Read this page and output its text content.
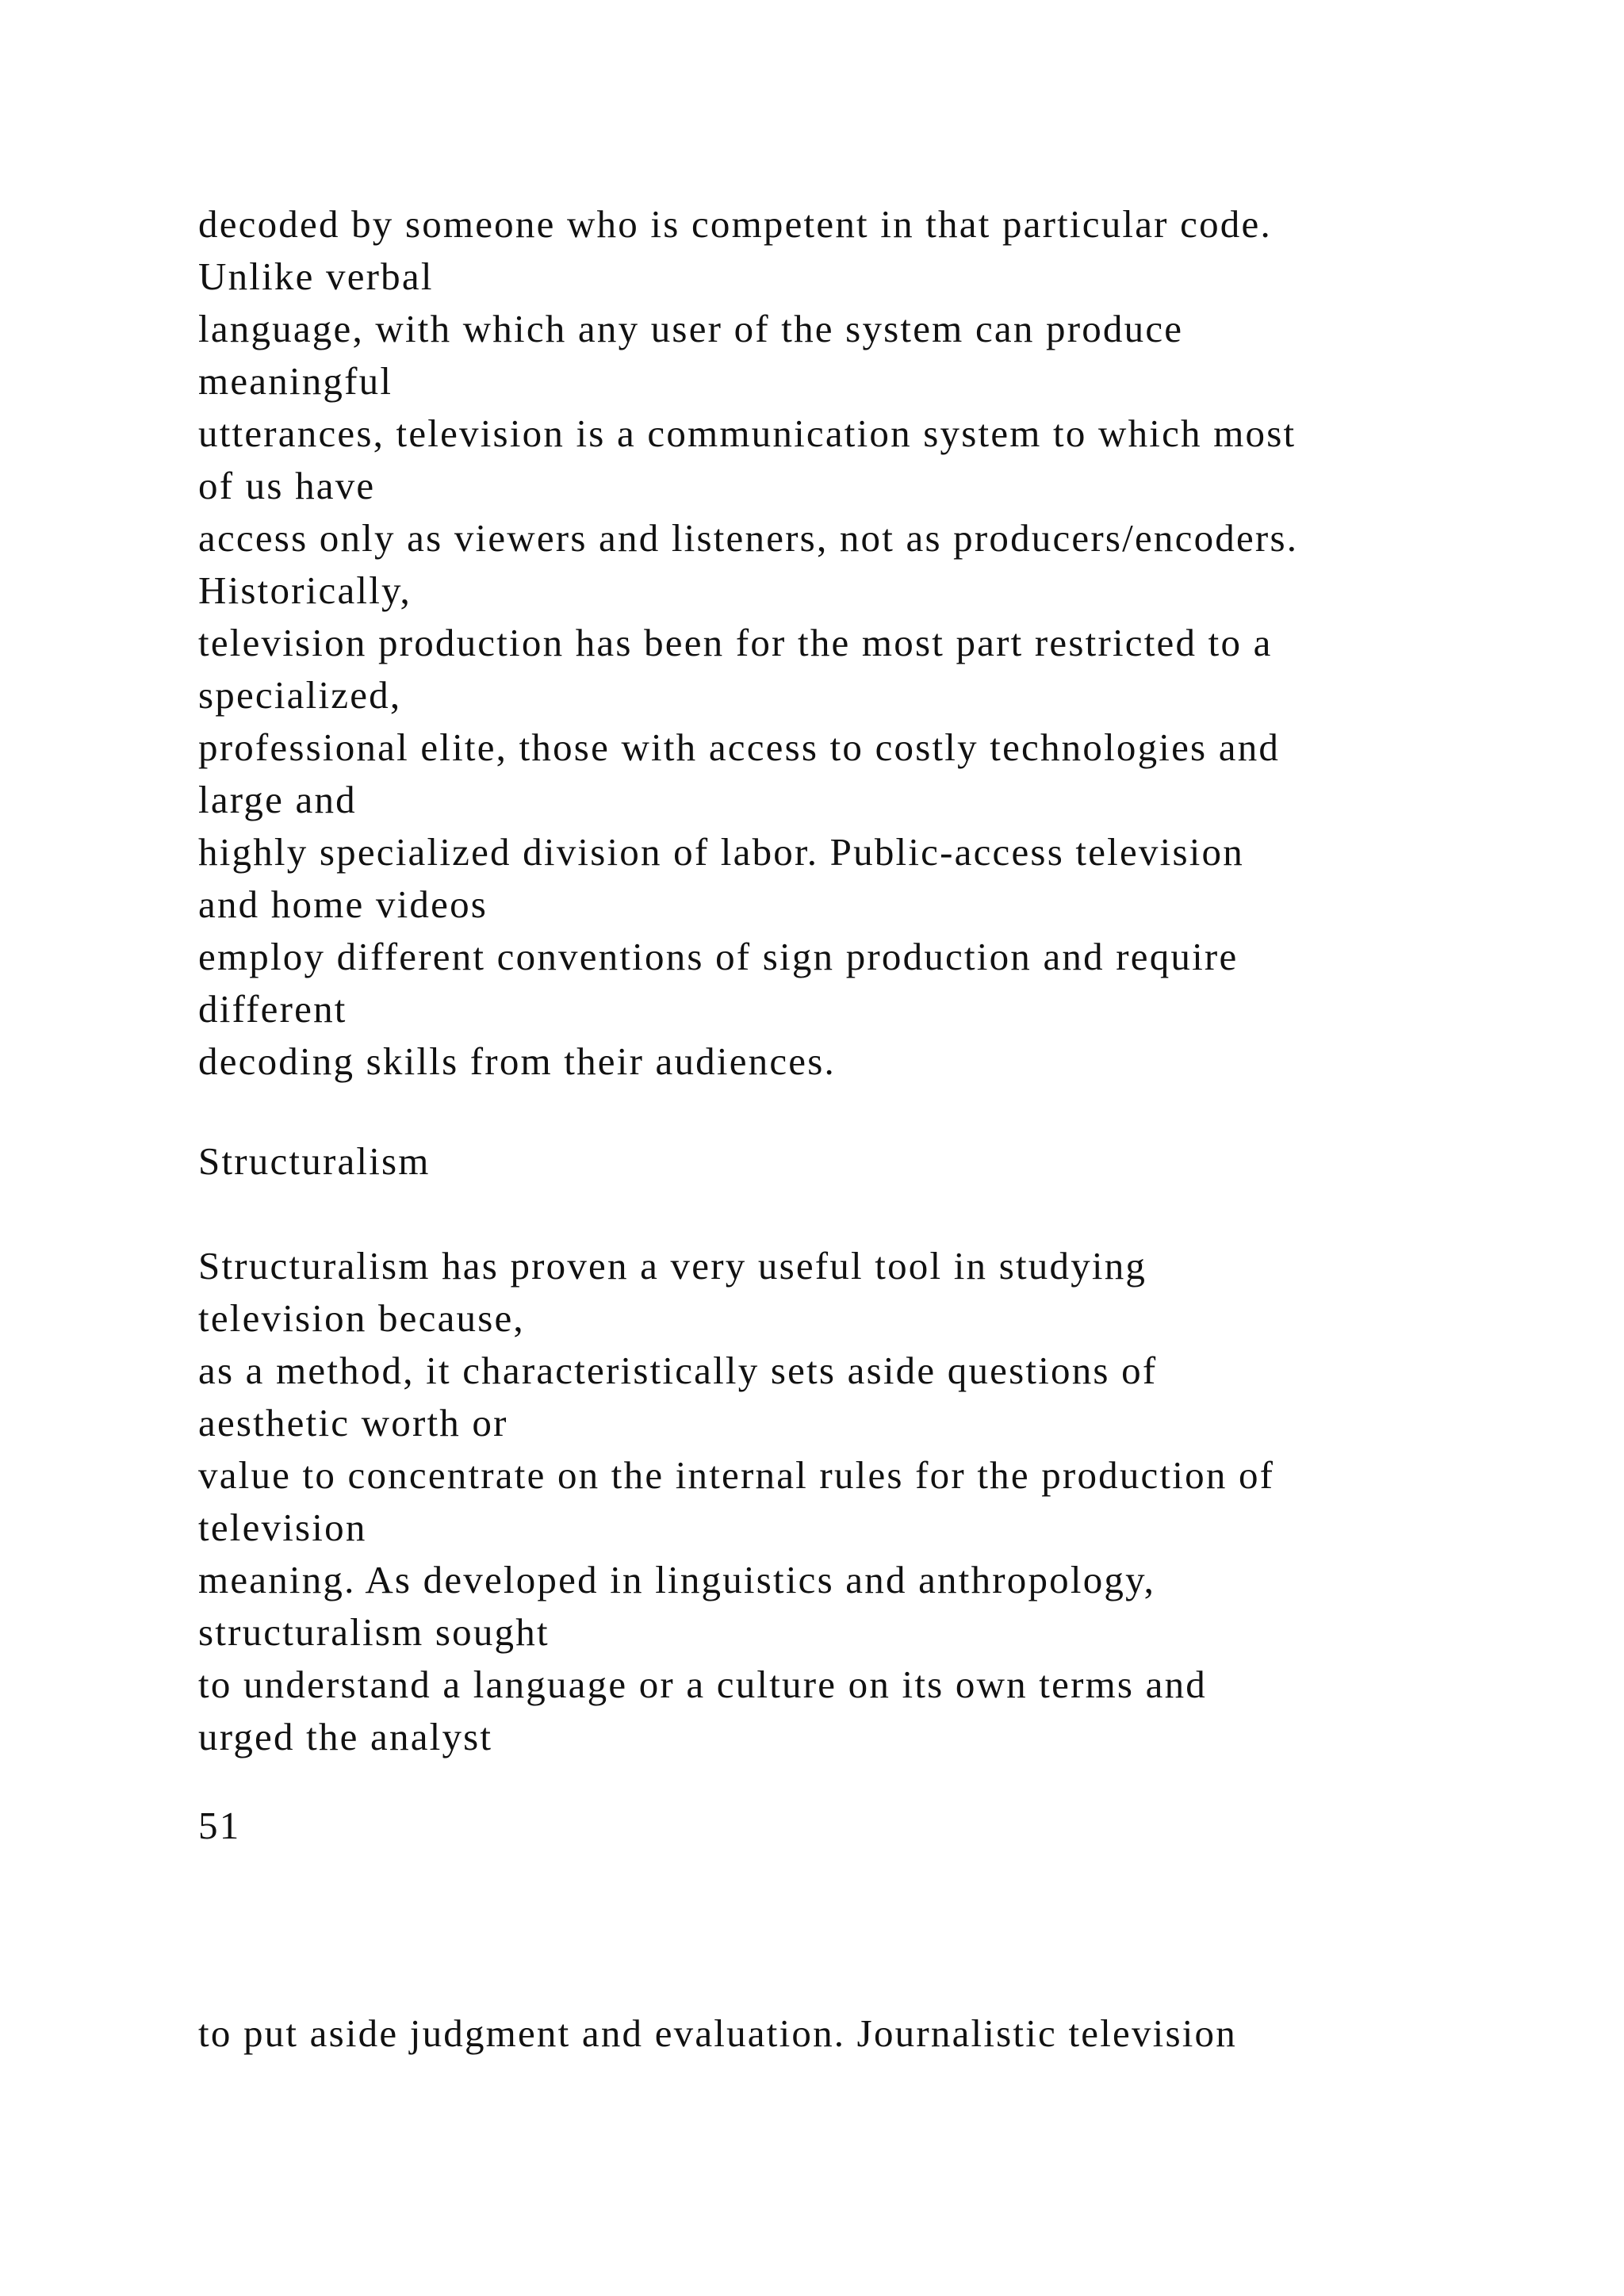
decoded by someone who is competent in that particular code.
Unlike verbal
language, with which any user of the system can produce
meaningful
utterances, television is a communication system to which most
of us have
access only as viewers and listeners, not as producers/encoders.
Historically,
television production has been for the most part restricted to a
specialized,
professional elite, those with access to costly technologies and
large and
highly specialized division of labor. Public-access television
and home videos
employ different conventions of sign production and require
different
decoding skills from their audiences.
Structuralism
Structuralism has proven a very useful tool in studying
television because,
as a method, it characteristically sets aside questions of
aesthetic worth or
value to concentrate on the internal rules for the production of
television
meaning. As developed in linguistics and anthropology,
structuralism sought
to understand a language or a culture on its own terms and
urged the analyst
51
to put aside judgment and evaluation. Journalistic television
